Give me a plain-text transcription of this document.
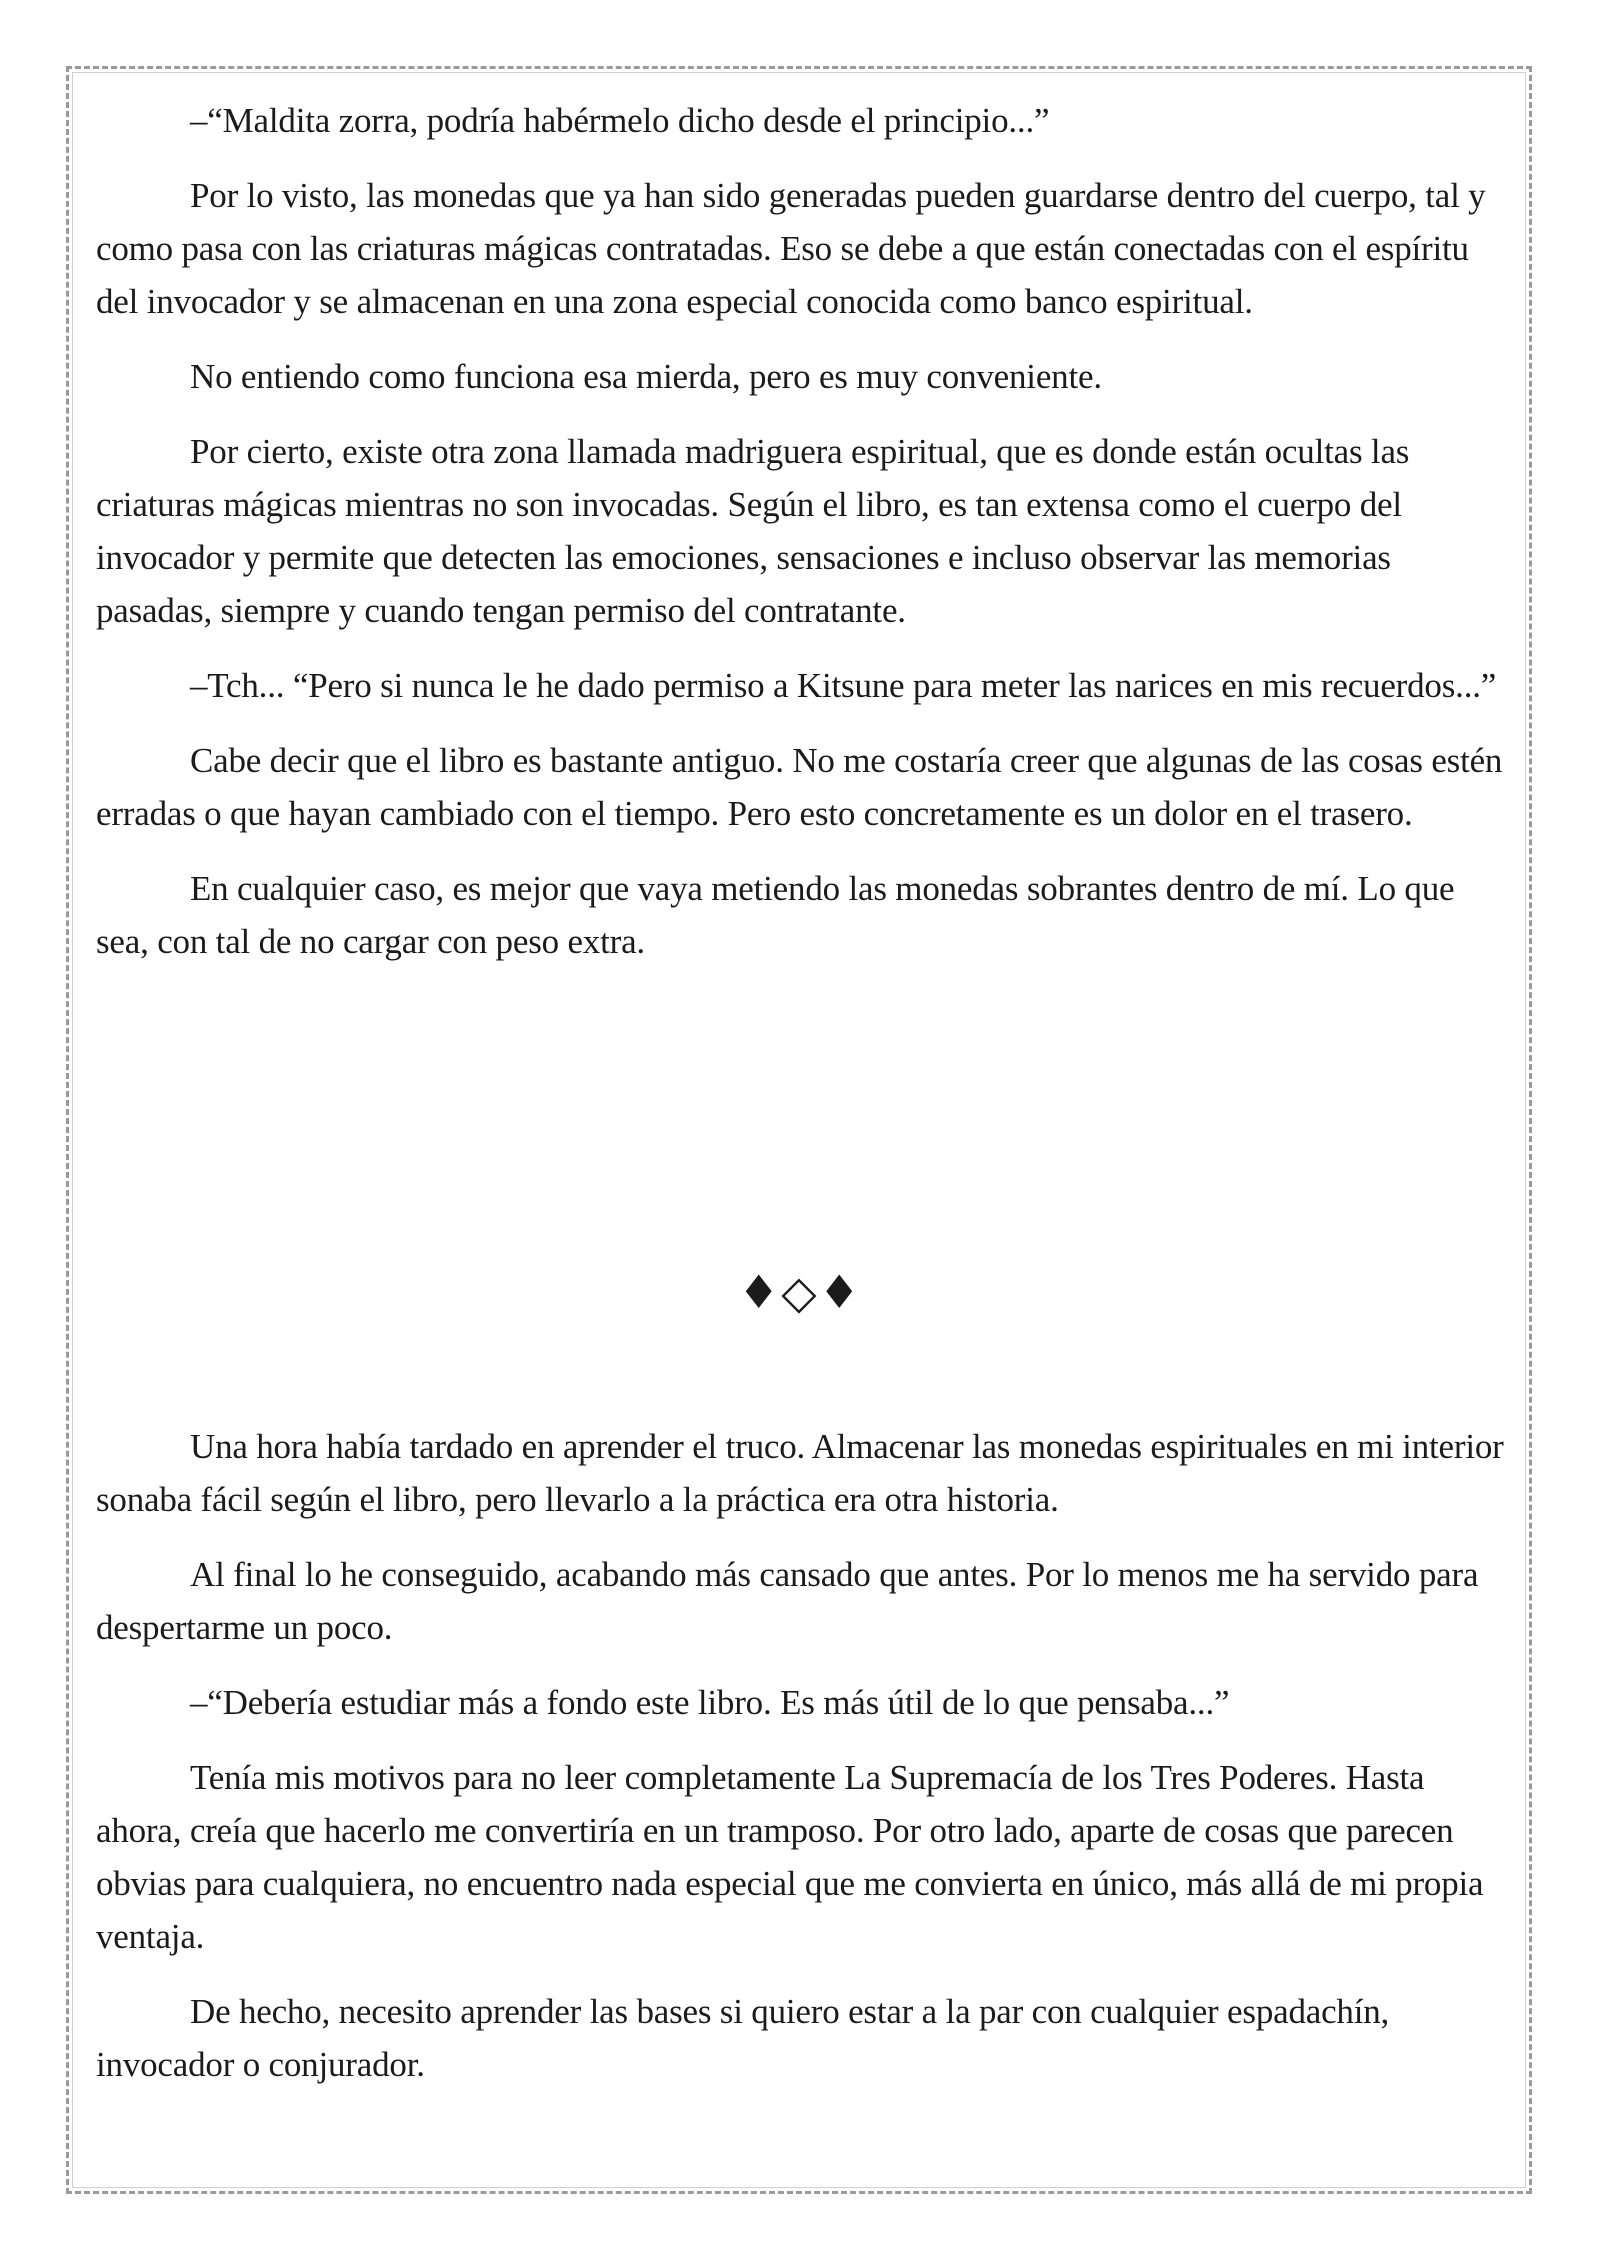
–“Maldita zorra, podría habérmelo dicho desde el principio...”

Por lo visto, las monedas que ya han sido generadas pueden guardarse dentro del cuerpo, tal y como pasa con las criaturas mágicas contratadas. Eso se debe a que están conectadas con el espíritu del invocador y se almacenan en una zona especial conocida como banco espiritual.

No entiendo como funciona esa mierda, pero es muy conveniente.

Por cierto, existe otra zona llamada madriguera espiritual, que es donde están ocultas las criaturas mágicas mientras no son invocadas. Según el libro, es tan extensa como el cuerpo del invocador y permite que detecten las emociones, sensaciones e incluso observar las memorias pasadas, siempre y cuando tengan permiso del contratante.

–Tch... “Pero si nunca le he dado permiso a Kitsune para meter las narices en mis recuerdos...”

Cabe decir que el libro es bastante antiguo. No me costaría creer que algunas de las cosas estén erradas o que hayan cambiado con el tiempo. Pero esto concretamente es un dolor en el trasero.

En cualquier caso, es mejor que vaya metiendo las monedas sobrantes dentro de mí. Lo que sea, con tal de no cargar con peso extra.

♦◇♦

Una hora había tardado en aprender el truco. Almacenar las monedas espirituales en mi interior sonaba fácil según el libro, pero llevarlo a la práctica era otra historia.

Al final lo he conseguido, acabando más cansado que antes. Por lo menos me ha servido para despertarme un poco.

–“Debería estudiar más a fondo este libro. Es más útil de lo que pensaba...”

Tenía mis motivos para no leer completamente La Supremacía de los Tres Poderes. Hasta ahora, creía que hacerlo me convertiría en un tramposo. Por otro lado, aparte de cosas que parecen obvias para cualquiera, no encuentro nada especial que me convierta en único, más allá de mi propia ventaja.

De hecho, necesito aprender las bases si quiero estar a la par con cualquier espadachín, invocador o conjurador.
